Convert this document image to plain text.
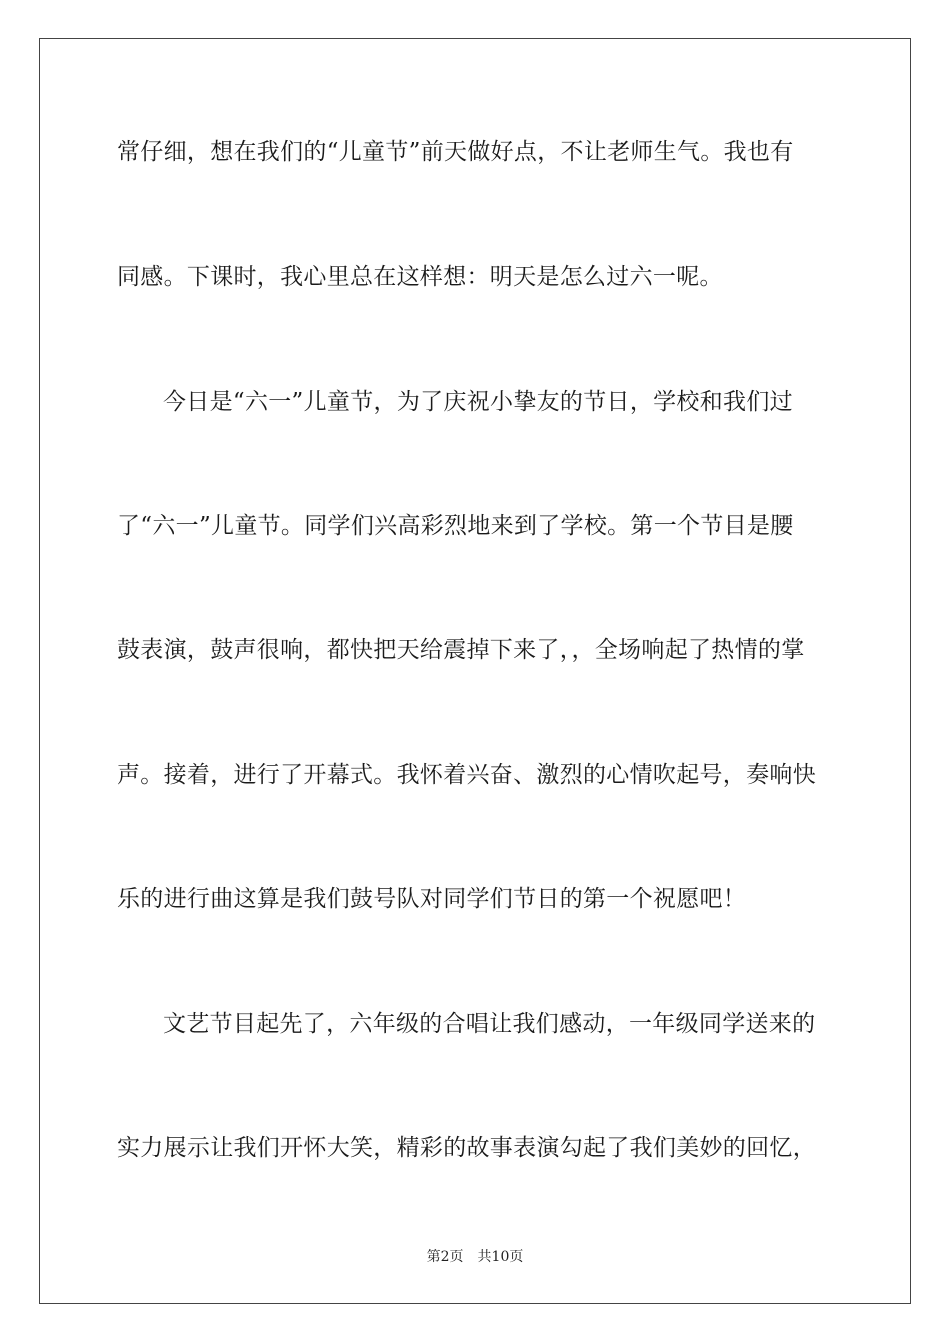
常仔细，想在我们的“儿童节”前天做好点，不让老师生气。我也有
同感。下课时，我心里总在这样想：明天是怎么过六一呢。
今日是“六一”儿童节，为了庆祝小挚友的节日，学校和我们过
了“六一”儿童节。同学们兴高彩烈地来到了学校。第一个节目是腰
鼓表演，鼓声很响，都快把天给震掉下来了，，全场响起了热情的掌
声。接着，进行了开幕式。我怀着兴奋、激烈的心情吹起号，奏响快
乐的进行曲这算是我们鼓号队对同学们节日的第一个祝愿吧！
文艺节目起先了，六年级的合唱让我们感动，一年级同学送来的
实力展示让我们开怀大笑，精彩的故事表演勾起了我们美妙的回忆，
第2页 共10页
